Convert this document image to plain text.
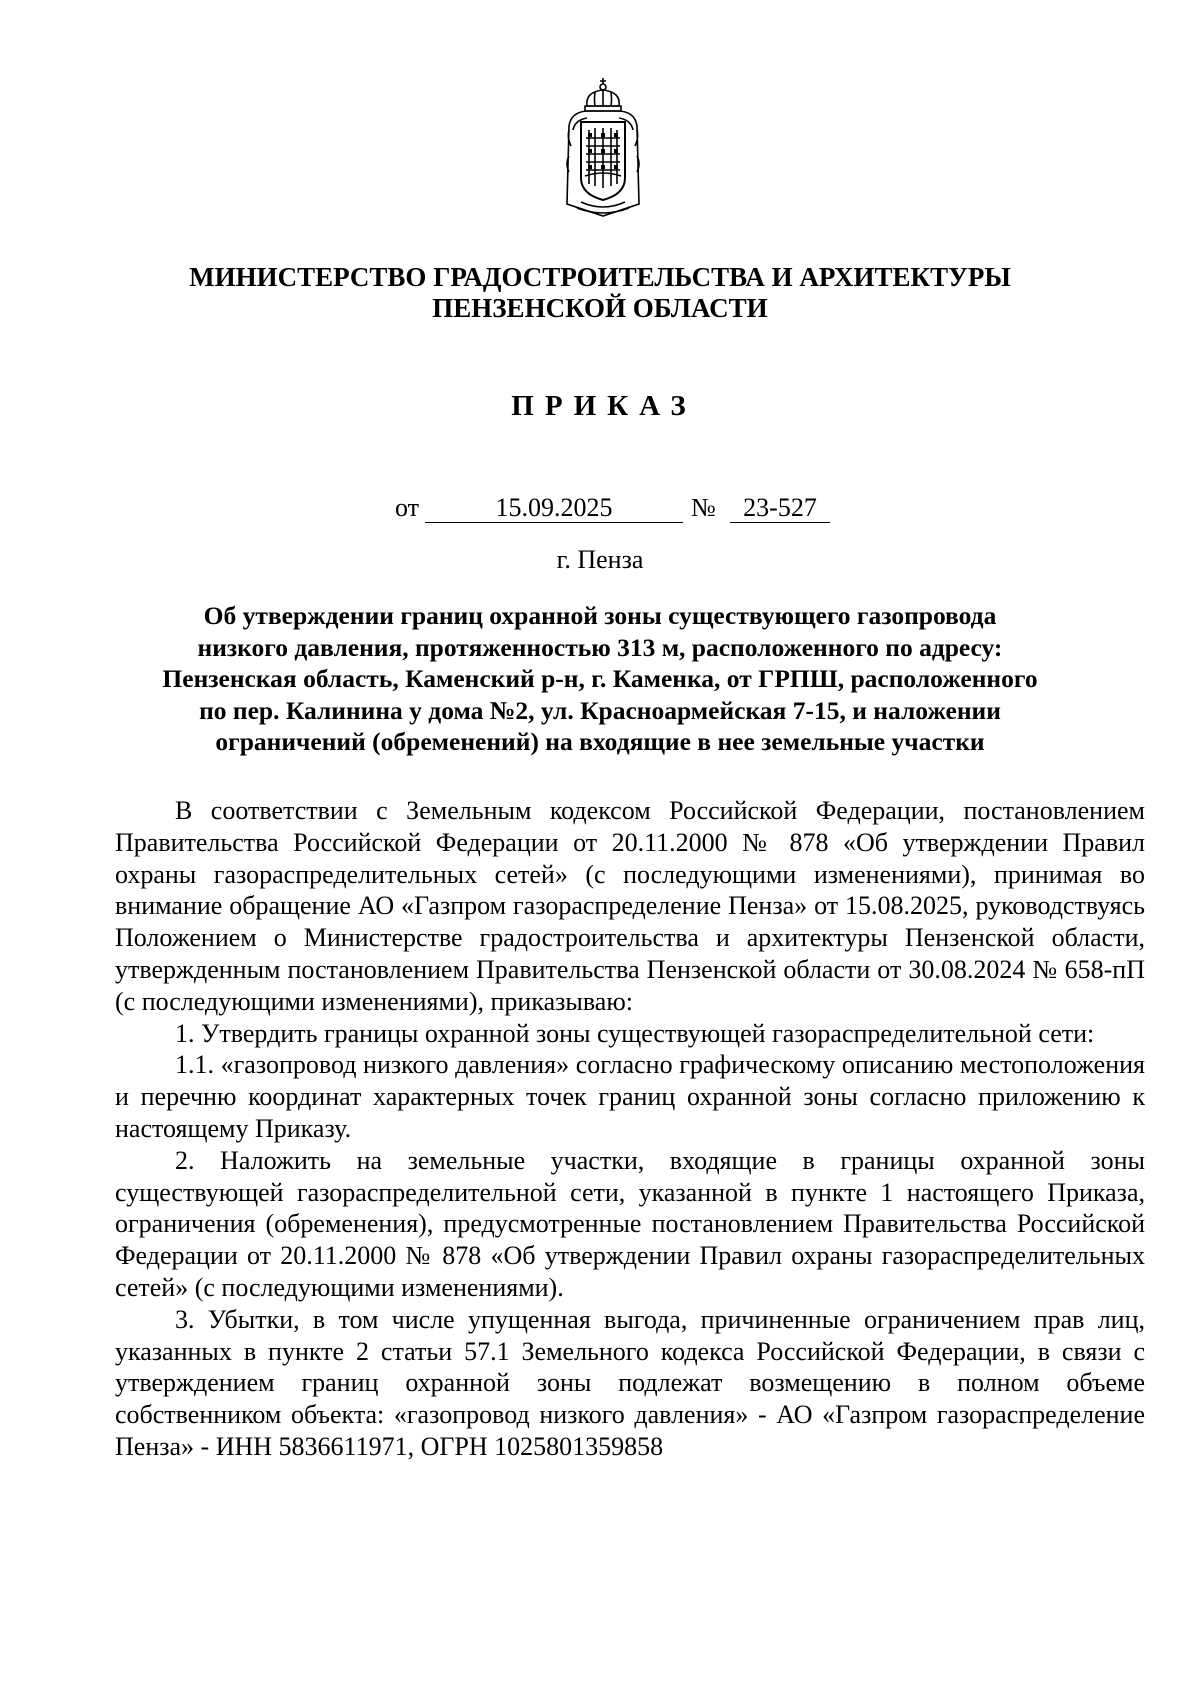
МИНИСТЕРСТВО ГРАДОСТРОИТЕЛЬСТВА И АРХИТЕКТУРЫ
ПЕНЗЕНСКОЙ ОБЛАСТИ
ПРИКАЗ
от	15.09.2025	№	23-527
г. Пенза
Об утверждении границ охранной зоны существующего газопровода
низкого давления, протяженностью 313 м, расположенного по адресу:
Пензенская область, Каменский р-н, г. Каменка, от ГРПШ, расположенного
по пер. Калинина у дома №2, ул. Красноармейская 7-15, и наложении
ограничений (обременений) на входящие в нее земельные участки

В соответствии с Земельным кодексом Российской Федерации, постановлением Правительства Российской Федерации от 20.11.2000 № 878 «Об утверждении Правил охраны газораспределительных сетей» (с последующими изменениями), принимая во внимание обращение АО «Газпром газораспределение Пенза» от 15.08.2025, руководствуясь Положением о Министерстве градостроительства и архитектуры Пензенской области, утвержденным постановлением Правительства Пензенской области от 30.08.2024 № 658-пП (с последующими изменениями), приказываю:

1. Утвердить границы охранной зоны существующей газораспределительной сети:

1.1. «газопровод низкого давления» согласно графическому описанию местоположения и перечню координат характерных точек границ охранной зоны согласно приложению к настоящему Приказу.

2. Наложить на земельные участки, входящие в границы охранной зоны существующей газораспределительной сети, указанной в пункте 1 настоящего Приказа, ограничения (обременения), предусмотренные постановлением Правительства Российской Федерации от 20.11.2000 № 878 «Об утверждении Правил охраны газораспределительных сетей» (с последующими изменениями).

3. Убытки, в том числе упущенная выгода, причиненные ограничением прав лиц, указанных в пункте 2 статьи 57.1 Земельного кодекса Российской Федерации, в связи с утверждением границ охранной зоны подлежат возмещению в полном объеме собственником объекта: «газопровод низкого давления» - АО «Газпром газораспределение Пенза» - ИНН 5836611971, ОГРН 1025801359858
